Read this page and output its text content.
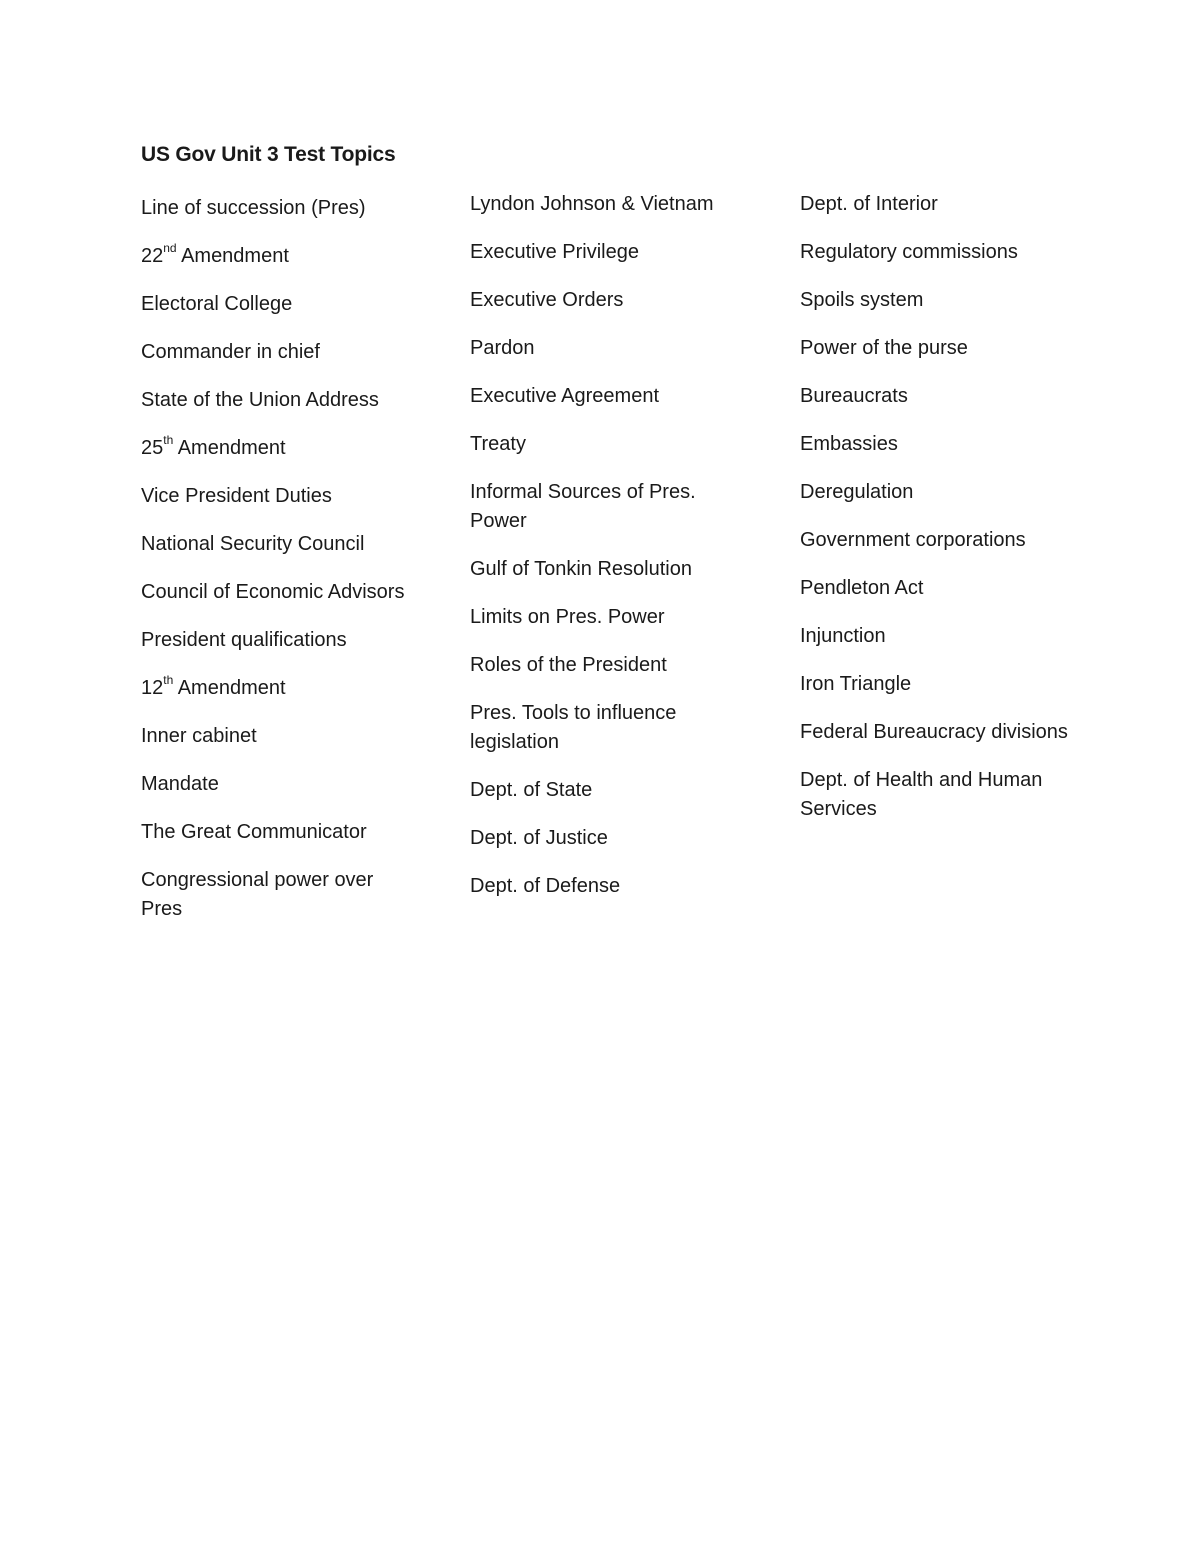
US Gov Unit 3 Test Topics
Line of succession (Pres)
22nd Amendment
Electoral College
Commander in chief
State of the Union Address
25th Amendment
Vice President Duties
National Security Council
Council of Economic Advisors
President qualifications
12th Amendment
Inner cabinet
Mandate
The Great Communicator
Congressional power over Pres
Lyndon Johnson & Vietnam
Executive Privilege
Executive Orders
Pardon
Executive Agreement
Treaty
Informal Sources of Pres. Power
Gulf of Tonkin Resolution
Limits on Pres. Power
Roles of the President
Pres. Tools to influence legislation
Dept. of State
Dept. of Justice
Dept. of Defense
Dept. of Interior
Regulatory commissions
Spoils system
Power of the purse
Bureaucrats
Embassies
Deregulation
Government corporations
Pendleton Act
Injunction
Iron Triangle
Federal Bureaucracy divisions
Dept. of Health and Human Services
